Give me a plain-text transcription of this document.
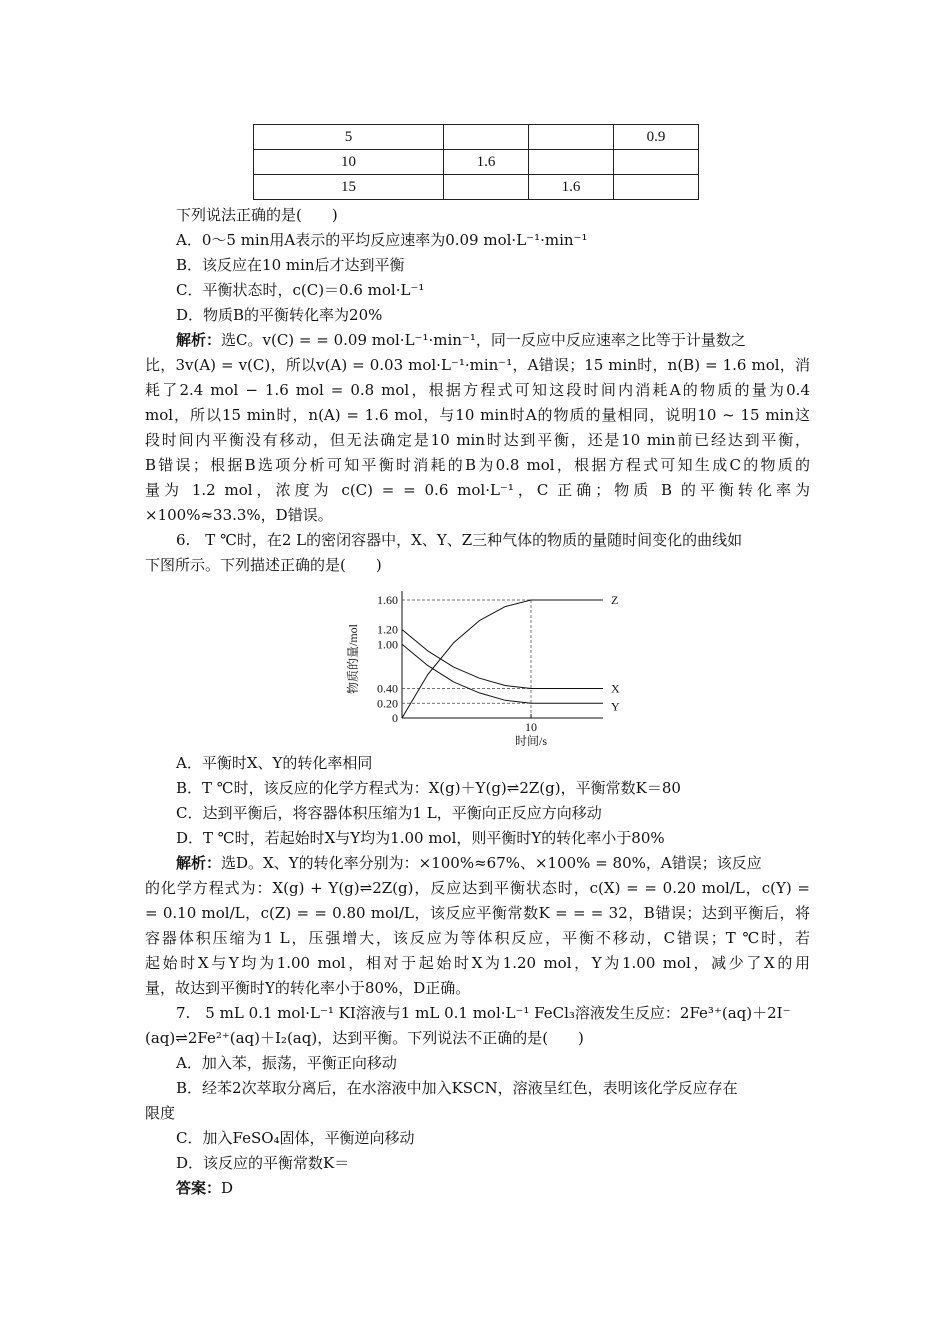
5			0.9
10	1.6		
15		1.6	
下列说法正确的是(　　)
A．0～5 min用A表示的平均反应速率为0.09 mol·L⁻¹·min⁻¹
B．该反应在10 min后才达到平衡
C．平衡状态时，c(C)＝0.6 mol·L⁻¹
D．物质B的平衡转化率为20%
解析：选C。v(C) = = 0.09 mol·L⁻¹·min⁻¹，同一反应中反应速率之比等于计量数之
比，3v(A) = v(C)，所以v(A) = 0.03 mol·L⁻¹·min⁻¹，A错误；15 min时，n(B) = 1.6 mol，消
耗了2.4 mol − 1.6 mol = 0.8 mol，根据方程式可知这段时间内消耗A的物质的量为0.4
mol，所以15 min时，n(A) = 1.6 mol，与10 min时A的物质的量相同，说明10 ~ 15 min这
段时间内平衡没有移动，但无法确定是10 min时达到平衡，还是10 min前已经达到平衡，
B错误；根据B选项分析可知平衡时消耗的B为0.8 mol，根据方程式可知生成C的物质的
量为 1.2 mol，浓度为 c(C) = = 0.6 mol·L⁻¹，C 正确；物质 B 的平衡转化率为
×100%≈33.3%，D错误。
6.　T ℃时，在2 L的密闭容器中，X、Y、Z三种气体的物质的量随时间变化的曲线如
下图所示。下列描述正确的是(　　)
1.60
1.20
1.00
0.40
0.20
10
0
时间/s
物质的量/mol
Z
X
Y
A．平衡时X、Y的转化率相同
B．T ℃时，该反应的化学方程式为：X(g)＋Y(g)⇌2Z(g)，平衡常数K＝80
C．达到平衡后，将容器体积压缩为1 L，平衡向正反应方向移动
D．T ℃时，若起始时X与Y均为1.00 mol，则平衡时Y的转化率小于80%
解析：选D。X、Y的转化率分别为：×100%≈67%、×100% = 80%，A错误；该反应
的化学方程式为：X(g) + Y(g)⇌2Z(g)，反应达到平衡状态时，c(X) = = 0.20 mol/L，c(Y) =
= 0.10 mol/L，c(Z) = = 0.80 mol/L，该反应平衡常数K = = = 32，B错误；达到平衡后，将
容器体积压缩为1 L，压强增大，该反应为等体积反应，平衡不移动，C错误；T ℃时，若
起始时X与Y均为1.00 mol，相对于起始时X为1.20 mol，Y为1.00 mol，减少了X的用
量，故达到平衡时Y的转化率小于80%，D正确。
7.　5 mL 0.1 mol·L⁻¹ KI溶液与1 mL 0.1 mol·L⁻¹ FeCl₃溶液发生反应：2Fe³⁺(aq)＋2I⁻
(aq)⇌2Fe²⁺(aq)＋I₂(aq)，达到平衡。下列说法不正确的是(　　)
A．加入苯，振荡，平衡正向移动
B．经苯2次萃取分离后，在水溶液中加入KSCN，溶液呈红色，表明该化学反应存在
限度
C．加入FeSO₄固体，平衡逆向移动
D．该反应的平衡常数K＝
答案：D
